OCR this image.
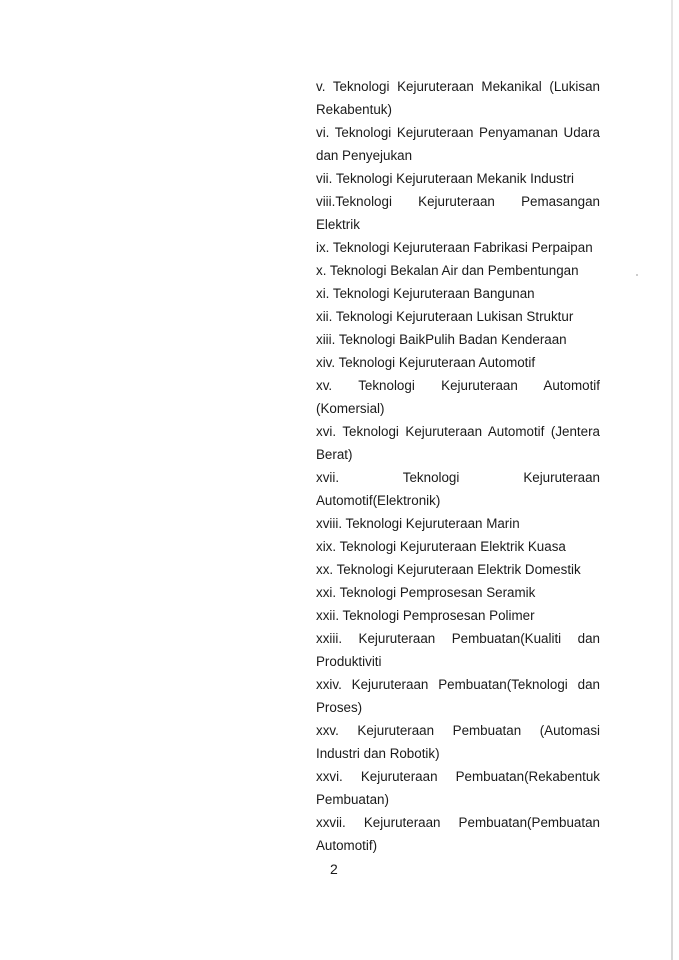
v. Teknologi Kejuruteraan Mekanikal (Lukisan
Rekabentuk)
vi. Teknologi Kejuruteraan Penyamanan Udara
dan Penyejukan
vii. Teknologi Kejuruteraan Mekanik Industri
viii.Teknologi Kejuruteraan Pemasangan
Elektrik
ix. Teknologi Kejuruteraan Fabrikasi Perpaipan
x. Teknologi Bekalan Air dan Pembentungan
xi. Teknologi Kejuruteraan Bangunan
xii. Teknologi Kejuruteraan Lukisan Struktur
xiii. Teknologi BaikPulih Badan Kenderaan
xiv. Teknologi Kejuruteraan Automotif
xv. Teknologi Kejuruteraan Automotif
(Komersial)
xvi. Teknologi Kejuruteraan Automotif (Jentera
Berat)
xvii. Teknologi Kejuruteraan
Automotif(Elektronik)
xviii. Teknologi Kejuruteraan Marin
xix. Teknologi Kejuruteraan Elektrik Kuasa
xx. Teknologi Kejuruteraan Elektrik Domestik
xxi. Teknologi Pemprosesan Seramik
xxii. Teknologi Pemprosesan Polimer
xxiii. Kejuruteraan Pembuatan(Kualiti dan
Produktiviti
xxiv. Kejuruteraan Pembuatan(Teknologi dan
Proses)
xxv. Kejuruteraan Pembuatan (Automasi
Industri dan Robotik)
xxvi. Kejuruteraan Pembuatan(Rekabentuk
Pembuatan)
xxvii. Kejuruteraan Pembuatan(Pembuatan
Automotif)
2
